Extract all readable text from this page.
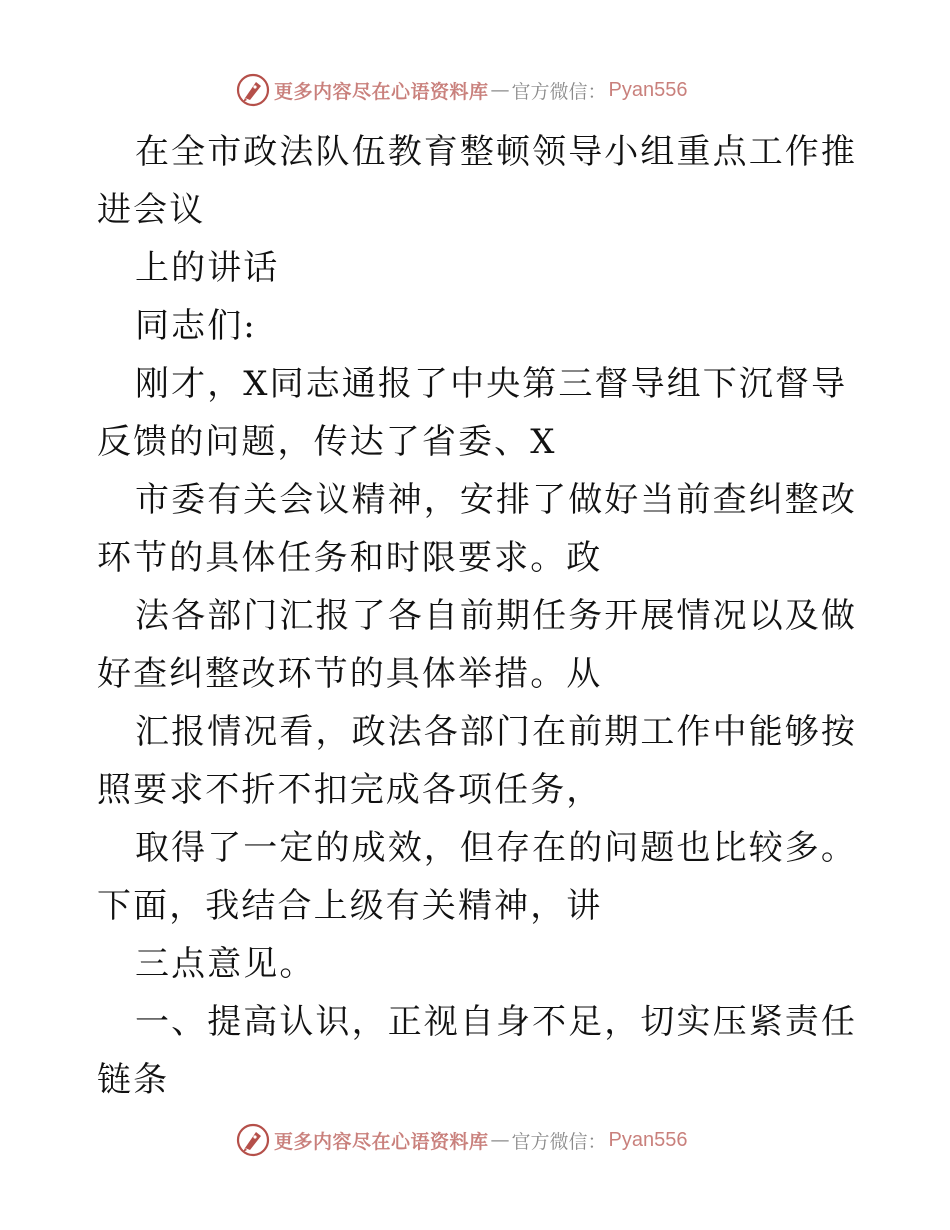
更多内容尽在心语资料库 — 官方微信： Pyan556

在全市政法队伍教育整顿领导小组重点工作推进会议

上的讲话

同志们:

刚才，X同志通报了中央第三督导组下沉督导反馈的问题，传达了省委、X

市委有关会议精神，安排了做好当前查纠整改环节的具体任务和时限要求。政

法各部门汇报了各自前期任务开展情况以及做好查纠整改环节的具体举措。从

汇报情况看，政法各部门在前期工作中能够按照要求不折不扣完成各项任务，

取得了一定的成效，但存在的问题也比较多。下面，我结合上级有关精神，讲

三点意见。

一、提高认识，正视自身不足，切实压紧责任链条

更多内容尽在心语资料库 — 官方微信： Pyan556
